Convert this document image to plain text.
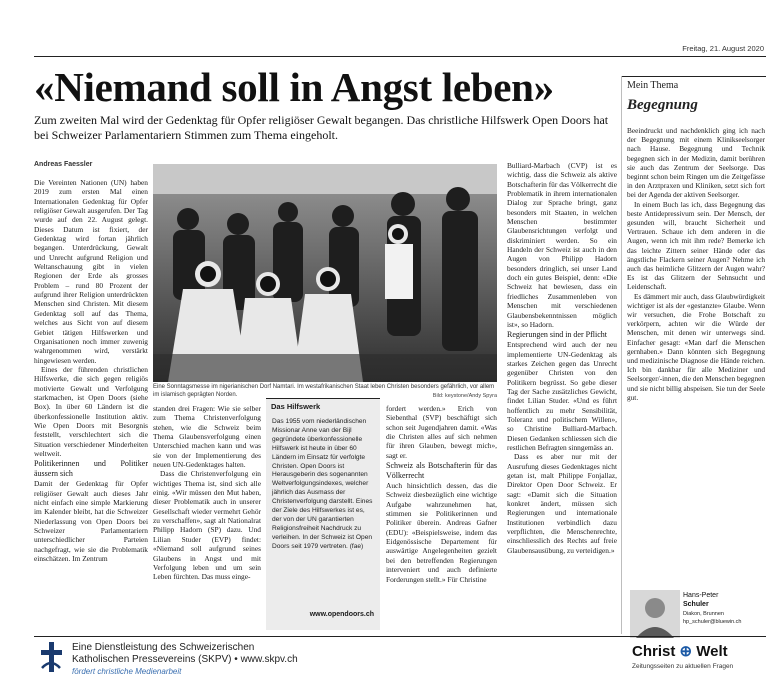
Freitag, 21. August 2020
«Niemand soll in Angst leben»
Zum zweiten Mal wird der Gedenktag für Opfer religiöser Gewalt begangen. Das christliche Hilfswerk Open Doors hat bei Schweizer Parlamentariern Stimmen zum Thema eingeholt.
Andreas Faessler

Die Vereinten Nationen (UN) haben 2019 zum ersten Mal einen Internationalen Gedenktag für Opfer religiöser Gewalt ausgerufen. Der Tag wurde auf den 22. August gelegt. Dieses Datum ist fixiert, der Gedenktag wird fortan jährlich begangen. Unterdrückung, Gewalt und Unrecht aufgrund Religion und Weltanschauung gibt in vielen Regionen der Erde als grosses Problem – rund 80 Prozent der aufgrund ihrer Religion unterdrückten Menschen sind Christen. Mit diesem Gedenktag soll auf das Thema, welches aus Sicht von auf diesem Gebiet tätigen Hilfswerken und Organisationen noch immer zuwenig wahrgenommen wird, verstärkt hingewiesen werden.

Eines der führenden christlichen Hilfswerke, die sich gegen religiös motivierte Gewalt und Verfolgung starkmachen, ist Open Doors (siehe Box). In über 60 Ländern ist die überkonfessionelle Institution aktiv. Wie Open Doors mit Besorgnis feststellt, verschlechtert sich die Situation verschiedener Minderheiten weltweit.

Politikerinnen und Politiker äussern sich

Damit der Gedenktag für Opfer religiöser Gewalt auch dieses Jahr nicht einfach eine simple Markierung im Kalender bleibt, hat die Schweizer Niederlassung von Open Doors bei Schweizer Parlamentariern unterschiedlicher Parteien nachgefragt, wie sie die Problematik einschätzen. Im Zentrum

Eine Sonntagsmesse im nigerianischen Dorf Namtari. Im westafrikanischen Staat leben Christen besonders gefährlich, vor allem im islamisch geprägten Norden.	Bild: keystone/Andy Spyra

standen drei Fragen: Wie sie selber zum Thema Christenverfolgung stehen, wie die Schweiz beim Thema Glaubensverfolgung einen Unterschied machen kann und was sie von der Implementierung des neuen UN-Gedenktages halten.

Dass die Christenverfolgung ein wichtiges Thema ist, sind sich alle einig. «Wir müssen den Mut haben, dieser Problematik auch in unserer Gesellschaft wieder vermehrt Gehör zu verschaffen», sagt alt Nationalrat Philipp Hadorn (SP) dazu. Und Lilian Studer (EVP) findet: «Niemand soll aufgrund seines Glaubens in Angst und mit Verfolgung leben und um sein Leben fürchten. Das muss einge-

Das Hilfswerk
Das 1955 vom niederländischen Missionar Anne van der Bijl gegründete überkonfessionelle Hilfswerk ist heute in über 60 Ländern im Einsatz für verfolgte Christen. Open Doors ist Herausgeberin des sogenannten Weltverfolgungsindexes, welcher jährlich das Ausmass der Christenverfolgung darstellt. Eines der Ziele des Hilfswerkes ist es, der von der UN garantierten Religionsfreiheit Nachdruck zu verleihen. In der Schweiz ist Open Doors seit 1979 vertreten. (fae)
www.opendoors.ch

fordert werden.» Erich von Siebenthal (SVP) beschäftigt sich schon seit Jugendjahren damit. «Was die Christen alles auf sich nehmen für ihren Glauben, bewegt mich», sagt er.

Schweiz als Botschafterin für das Völkerrecht

Auch hinsichtlich dessen, das die Schweiz diesbezüglich eine wichtige Aufgabe wahrzunehmen hat, stimmen sie Politikerinnen und Politiker überein. Andreas Gafner (EDU): «Beispielsweise, indem das Eidgenössische Departement für auswärtige Angelegenheiten gezielt bei den betreffenden Regierungen interveniert und auch definierte Forderungen stellt.» Für Christine

Bulliard-Marbach (CVP) ist es wichtig, dass die Schweiz als aktive Botschafterin für das Völkerrecht die Problematik in ihrem internationalen Dialog zur Sprache bringt, ganz besonders mit Staaten, in welchen Menschen bestimmter Glaubensrichtungen verfolgt und diskriminiert werden. So ein Handeln der Schweiz ist auch in den Augen von Philipp Hadorn besonders dringlich, sei unser Land doch ein gutes Beispiel, denn: «Die Schweiz hat bewiesen, dass ein friedliches Zusammenleben von Menschen mit verschiedenen Glaubensbekenntnissen möglich ist», so Hadorn.

Regierungen sind in der Pflicht

Entsprechend wird auch der neu implementierte UN-Gedenktag als starkes Zeichen gegen das Unrecht gegenüber Christen von den Politikern begrüsst. So gebe dieser Tag der Sache zusätzliches Gewicht, findet Lilian Studer. «Und es führt hoffentlich zu mehr Sensibilität, Toleranz und politischem Willen», so Christine Bulliard-Marbach. Diesen Gedanken schliessen sich die restlichen Befragten sinngemäss an.

Dass es aber nur mit der Ausrufung dieses Gedenktages nicht getan ist, malt Philippe Fonjallaz, Direktor Open Door Schweiz. Er sagt: «Damit sich die Situation konkret ändert, müssen sich Regierungen und internationale Institutionen verbindlich dazu verpflichten, die Menschenrechte, einschliesslich des Rechts auf freie Glaubensausübung, zu verteidigen.»

Mein Thema
Begegnung

Beeindruckt und nachdenklich ging ich nach der Begegnung mit einem Klinikseelsorger nach Hause. Begegnung und Technik begegnen sich in der Medizin, damit berühren sie auch das Zentrum der Seelsorge. Das beginnt schon beim Ringen um die Zeitgefässe in den Arztpraxen und Kliniken, setzt sich fort bei der Agenda der aktiven Seelsorger.

In einem Buch las ich, dass Begegnung das beste Antidepressivum sein. Der Mensch, der gesunden will, braucht Sicherheit und Vertrauen. Schaue ich dem anderen in die Augen, wenn ich mit ihm rede? Bemerke ich das leichte Zittern seiner Hände oder das ängstliche Flackern seiner Augen? Nehme ich auch das heimliche Glitzern der Augen wahr? Es ist das Glitzern der Sehnsucht und Leidenschaft.

Es dämmert mir auch, dass Glaubwürdigkeit wichtiger ist als der «gestanzte» Glaube. Wenn wir versuchen, die Frohe Botschaft zu verkörpern, achten wir die Würde der Menschen, mit denen wir unterwegs sind. Einfacher gesagt: «Man darf die Menschen gernhaben.» Dann könnten sich Begegnung und medizinische Diagnose die Hände reichen. Ich bin dankbar für alle Mediziner und Seelsorger/-innen, die den Menschen begegnen und sie nicht billig abspeisen. Sie tun der Seele gut.

Hans-Peter
Schuler
Diakon, Brunnen
hp_schuler@bluewin.ch
Eine Dienstleistung des Schweizerischen
Katholischen Pressevereins (SKPV) • www.skpv.ch
fördert christliche Medienarbeit
Christ ⊕ Welt
Zeitungsseiten zu aktuellen Fragen
